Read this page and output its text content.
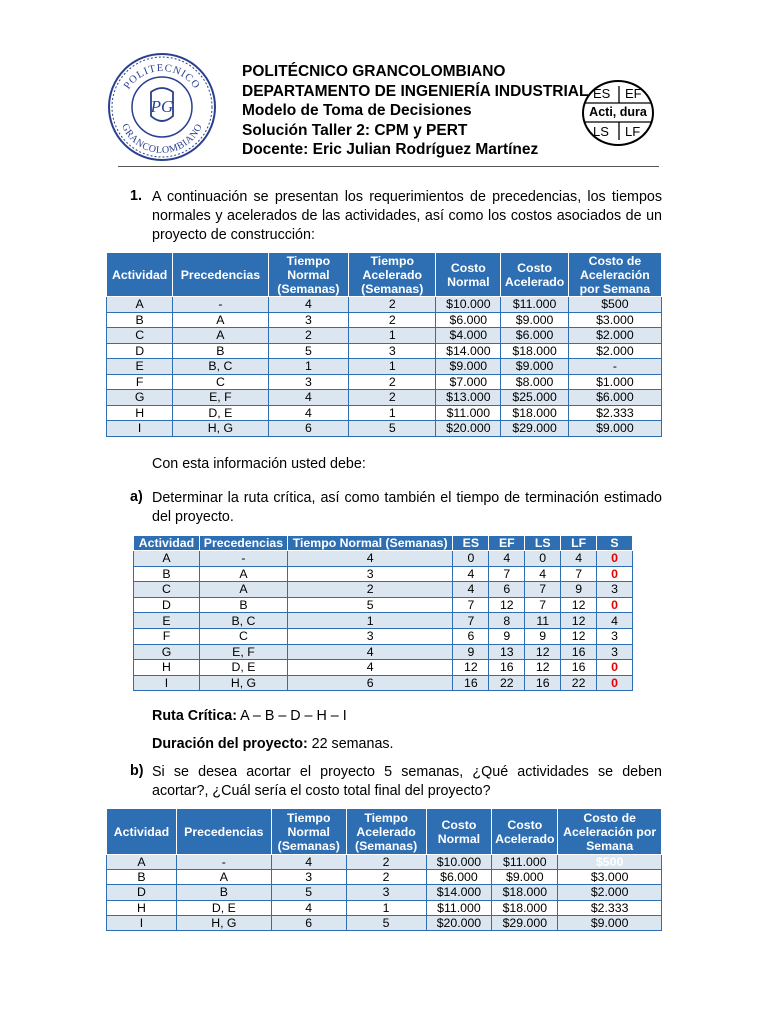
POLITECNICO
GRANCOLOMBIANO
PG
POLITÉCNICO GRANCOLOMBIANO
DEPARTAMENTO DE INGENIERÍA INDUSTRIAL
Modelo de Toma de Decisiones
Solución Taller 2: CPM y PERT
Docente: Eric Julian Rodríguez Martínez
ES EF
Acti, dura
LS LF
1. A continuación se presentan los requerimientos de precedencias, los tiempos normales y acelerados de las actividades, así como los costos asociados de un proyecto de construcción:
Actividad	Precedencias	Tiempo Normal (Semanas)	Tiempo Acelerado (Semanas)	Costo Normal	Costo Acelerado	Costo de Aceleración por Semana
A	-	4	2	$10.000	$11.000	$500
B	A	3	2	$6.000	$9.000	$3.000
C	A	2	1	$4.000	$6.000	$2.000
D	B	5	3	$14.000	$18.000	$2.000
E	B, C	1	1	$9.000	$9.000	-
F	C	3	2	$7.000	$8.000	$1.000
G	E, F	4	2	$13.000	$25.000	$6.000
H	D, E	4	1	$11.000	$18.000	$2.333
I	H, G	6	5	$20.000	$29.000	$9.000
Con esta información usted debe:
a) Determinar la ruta crítica, así como también el tiempo de terminación estimado del proyecto.
Actividad	Precedencias	Tiempo Normal (Semanas)	ES	EF	LS	LF	S
A	-	4	0	4	0	4	0
B	A	3	4	7	4	7	0
C	A	2	4	6	7	9	3
D	B	5	7	12	7	12	0
E	B, C	1	7	8	11	12	4
F	C	3	6	9	9	12	3
G	E, F	4	9	13	12	16	3
H	D, E	4	12	16	12	16	0
I	H, G	6	16	22	16	22	0
Ruta Crítica: A – B – D – H – I
Duración del proyecto: 22 semanas.
b) Si se desea acortar el proyecto 5 semanas, ¿Qué actividades se deben acortar?, ¿Cuál sería el costo total final del proyecto?
Actividad	Precedencias	Tiempo Normal (Semanas)	Tiempo Acelerado (Semanas)	Costo Normal	Costo Acelerado	Costo de Aceleración por Semana
A	-	4	2	$10.000	$11.000	$500
B	A	3	2	$6.000	$9.000	$3.000
D	B	5	3	$14.000	$18.000	$2.000
H	D, E	4	1	$11.000	$18.000	$2.333
I	H, G	6	5	$20.000	$29.000	$9.000
